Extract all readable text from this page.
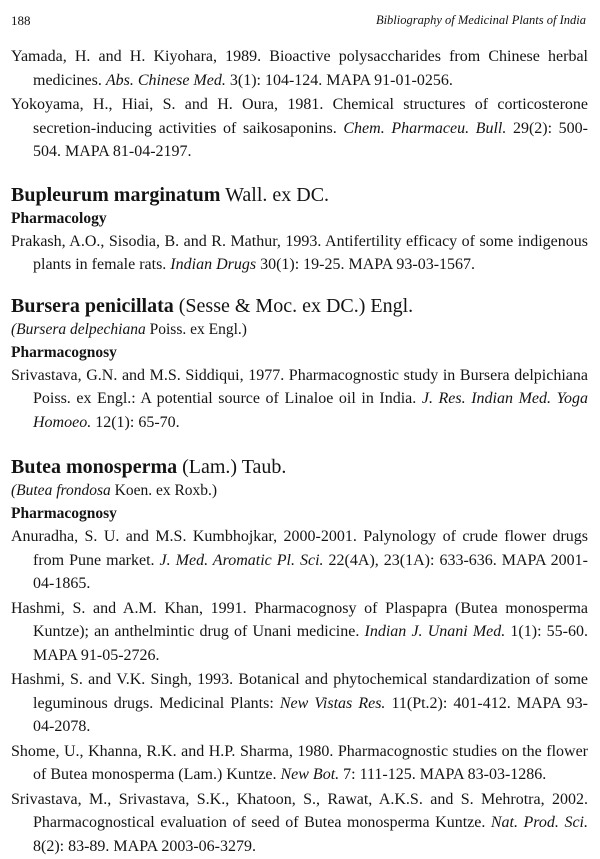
188	Bibliography of Medicinal Plants of India

Yamada, H. and H. Kiyohara, 1989. Bioactive polysaccharides from Chinese herbal medicines. Abs. Chinese Med. 3(1): 104-124. MAPA 91-01-0256.

Yokoyama, H., Hiai, S. and H. Oura, 1981. Chemical structures of corticosterone secretion-inducing activities of saikosaponins. Chem. Pharmaceu. Bull. 29(2): 500-504. MAPA 81-04-2197.

Bupleurum marginatum Wall. ex DC.
Pharmacology

Prakash, A.O., Sisodia, B. and R. Mathur, 1993. Antifertility efficacy of some indigenous plants in female rats. Indian Drugs 30(1): 19-25. MAPA 93-03-1567.

Bursera penicillata (Sesse & Moc. ex DC.) Engl.
(Bursera delpechiana Poiss. ex Engl.)
Pharmacognosy

Srivastava, G.N. and M.S. Siddiqui, 1977. Pharmacognostic study in Bursera delpichiana Poiss. ex Engl.: A potential source of Linaloe oil in India. J. Res. Indian Med. Yoga Homoeo. 12(1): 65-70.

Butea monosperma (Lam.) Taub.
(Butea frondosa Koen. ex Roxb.)
Pharmacognosy

Anuradha, S. U. and M.S. Kumbhojkar, 2000-2001. Palynology of crude flower drugs from Pune market. J. Med. Aromatic Pl. Sci. 22(4A), 23(1A): 633-636. MAPA 2001-04-1865.

Hashmi, S. and A.M. Khan, 1991. Pharmacognosy of Plaspapra (Butea monosperma Kuntze); an anthelmintic drug of Unani medicine. Indian J. Unani Med. 1(1): 55-60. MAPA 91-05-2726.

Hashmi, S. and V.K. Singh, 1993. Botanical and phytochemical standardization of some leguminous drugs. Medicinal Plants: New Vistas Res. 11(Pt.2): 401-412. MAPA 93-04-2078.

Shome, U., Khanna, R.K. and H.P. Sharma, 1980. Pharmacognostic studies on the flower of Butea monosperma (Lam.) Kuntze. New Bot. 7: 111-125. MAPA 83-03-1286.

Srivastava, M., Srivastava, S.K., Khatoon, S., Rawat, A.K.S. and S. Mehrotra, 2002. Pharmacognostical evaluation of seed of Butea monosperma Kuntze. Nat. Prod. Sci. 8(2): 83-89. MAPA 2003-06-3279.
